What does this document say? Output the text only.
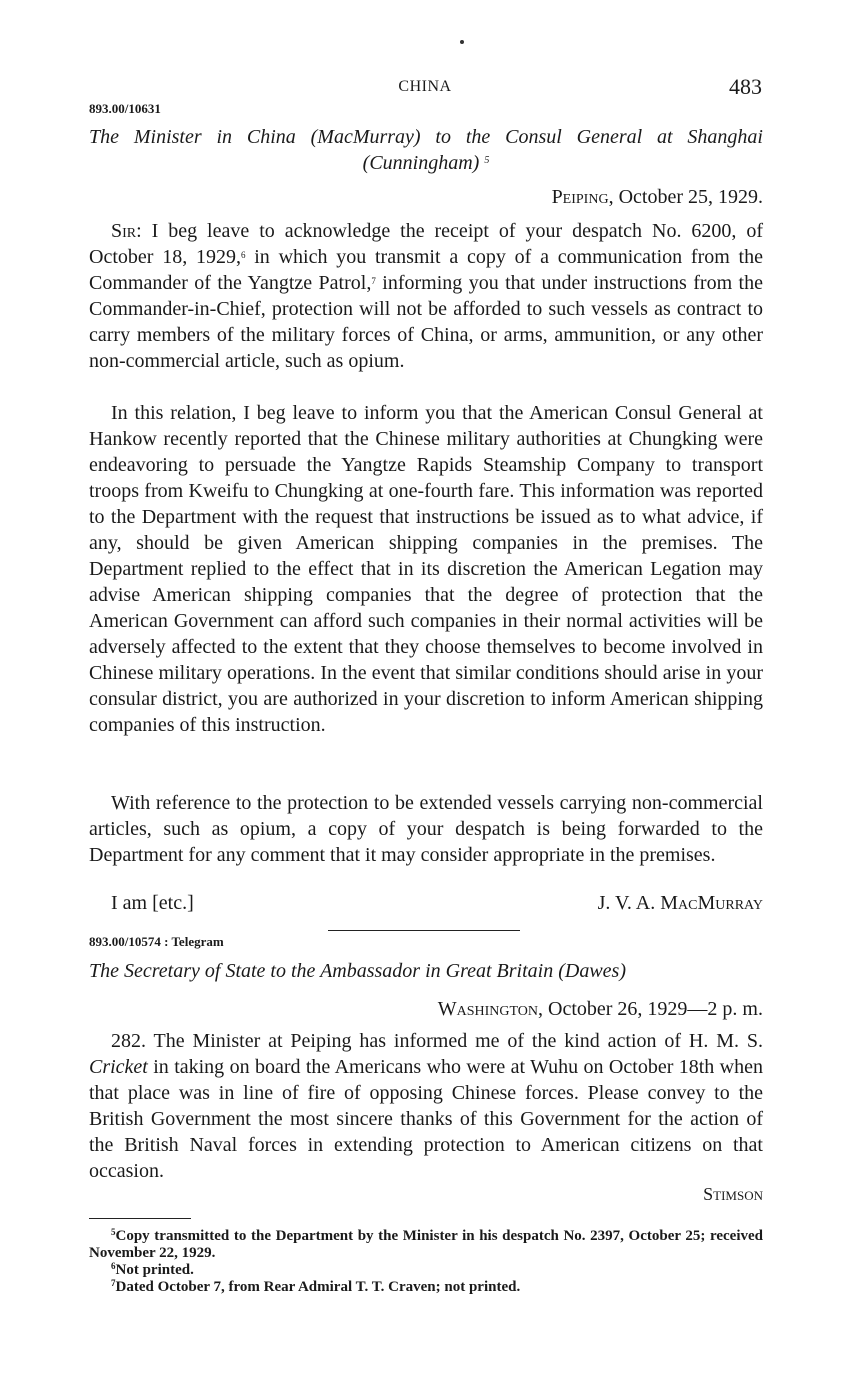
CHINA	483
893.00/10631
The Minister in China (MacMurray) to the Consul General at Shanghai (Cunningham) $^5$
Peiping, October 25, 1929.

Sir: I beg leave to acknowledge the receipt of your despatch No. 6200, of October 18, 1929,$^6$ in which you transmit a copy of a communication from the Commander of the Yangtze Patrol,$^7$ informing you that under instructions from the Commander-in-Chief, protection will not be afforded to such vessels as contract to carry members of the military forces of China, or arms, ammunition, or any other non-commercial article, such as opium.

In this relation, I beg leave to inform you that the American Consul General at Hankow recently reported that the Chinese military authorities at Chungking were endeavoring to persuade the Yangtze Rapids Steamship Company to transport troops from Kweifu to Chungking at one-fourth fare. This information was reported to the Department with the request that instructions be issued as to what advice, if any, should be given American shipping companies in the premises. The Department replied to the effect that in its discretion the American Legation may advise American shipping companies that the degree of protection that the American Government can afford such companies in their normal activities will be adversely affected to the extent that they choose themselves to become involved in Chinese military operations. In the event that similar conditions should arise in your consular district, you are authorized in your discretion to inform American shipping companies of this instruction.

With reference to the protection to be extended vessels carrying non-commercial articles, such as opium, a copy of your despatch is being forwarded to the Department for any comment that it may consider appropriate in the premises.

I am [etc.]	J. V. A. MacMurray
893.00/10574 : Telegram
The Secretary of State to the Ambassador in Great Britain (Dawes)
Washington, October 26, 1929—2 p. m.

282. The Minister at Peiping has informed me of the kind action of H. M. S. Cricket in taking on board the Americans who were at Wuhu on October 18th when that place was in line of fire of opposing Chinese forces. Please convey to the British Government the most sincere thanks of this Government for the action of the British Naval forces in extending protection to American citizens on that occasion.

Stimson

$^5$Copy transmitted to the Department by the Minister in his despatch No. 2397, October 25; received November 22, 1929.

$^6$Not printed.

$^7$Dated October 7, from Rear Admiral T. T. Craven; not printed.
